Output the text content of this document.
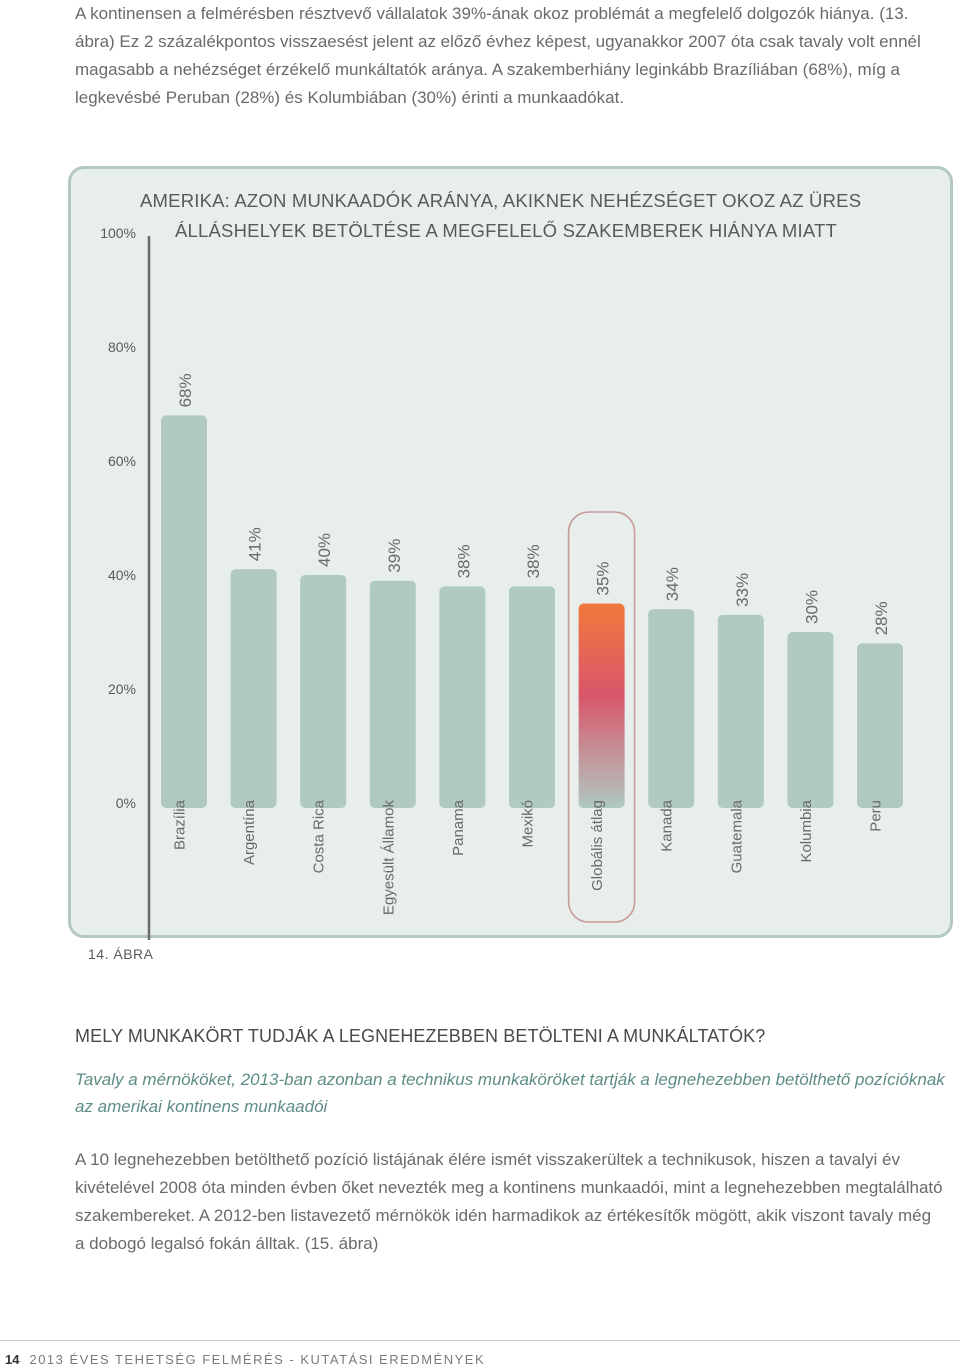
A kontinensen a felmérésben résztvevő vállalatok 39%-ának okoz problémát a megfelelő dolgozók hiánya. (13. ábra) Ez 2 százalékpontos visszaesést jelent az előző évhez képest, ugyanakkor 2007 óta csak tavaly volt ennél magasabb a nehézséget érzékelő munkáltatók aránya. A szakemberhiány leginkább Brazíliában (68%), míg a legkevésbé Peruban (28%) és Kolumbiában (30%) érinti a munkaadókat.

AMERIKA: AZON MUNKAADÓK ARÁNYA, AKIKNEK NEHÉZSÉGET OKOZ AZ ÜRES
ÁLLÁSHELYEK BETÖLTÉSE A MEGFELELŐ SZAKEMBEREK HIÁNYA MIATT
0%
20%
40%
60%
80%
100%
68%
Brazília
41%
Argentína
40%
Costa Rica
39%
Egyesült Államok
38%
Panama
38%
Mexikó
35%
Globális átlag
34%
Kanada
33%
Guatemala
30%
Kolumbia
28%
Peru
14. ÁBRA
MELY MUNKAKÖRT TUDJÁK A LEGNEHEZEBBEN BETÖLTENI A MUNKÁLTATÓK?

Tavaly a mérnököket, 2013-ban azonban a technikus munkaköröket tartják a legnehezebben betölthető pozícióknak az amerikai kontinens munkaadói

A 10 legnehezebben betölthető pozíció listájának élére ismét visszakerültek a technikusok, hiszen a tavalyi év kivételével 2008 óta minden évben őket nevezték meg a kontinens munkaadói, mint a legnehezebben megtalálható szakembereket. A 2012-ben listavezető mérnökök idén harmadikok az értékesítők mögött, akik viszont tavaly még a dobogó legalsó fokán álltak. (15. ábra)

14 2013 ÉVES TEHETSÉG FELMÉRÉS - KUTATÁSI EREDMÉNYEK
